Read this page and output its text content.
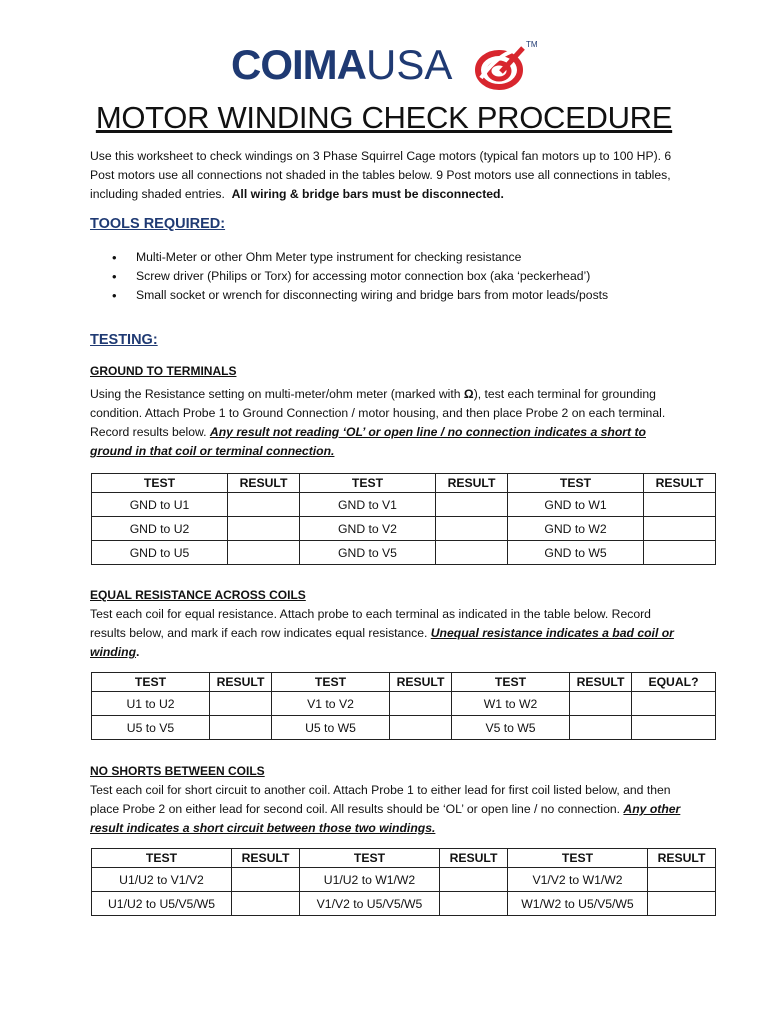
COIMAUSA	TM
MOTOR WINDING CHECK PROCEDURE
Use this worksheet to check windings on 3 Phase Squirrel Cage motors (typical fan motors up to 100 HP). 6 Post motors use all connections not shaded in the tables below. 9 Post motors use all connections in tables, including shaded entries. All wiring & bridge bars must be disconnected.
TOOLS REQUIRED:
• Multi-Meter or other Ohm Meter type instrument for checking resistance
• Screw driver (Philips or Torx) for accessing motor connection box (aka ‘peckerhead’)
• Small socket or wrench for disconnecting wiring and bridge bars from motor leads/posts
TESTING:
GROUND TO TERMINALS
Using the Resistance setting on multi-meter/ohm meter (marked with Ω), test each terminal for grounding condition. Attach Probe 1 to Ground Connection / motor housing, and then place Probe 2 on each terminal. Record results below. Any result not reading ‘OL’ or open line / no connection indicates a short to ground in that coil or terminal connection.
TEST	RESULT	TEST	RESULT	TEST	RESULT
GND to U1		GND to V1		GND to W1	
GND to U2		GND to V2		GND to W2	
GND to U5		GND to V5		GND to W5	
EQUAL RESISTANCE ACROSS COILS
Test each coil for equal resistance. Attach probe to each terminal as indicated in the table below. Record results below, and mark if each row indicates equal resistance. Unequal resistance indicates a bad coil or winding.
TEST	RESULT	TEST	RESULT	TEST	RESULT	EQUAL?
U1 to U2		V1 to V2		W1 to W2		
U5 to V5		U5 to W5		V5 to W5		
NO SHORTS BETWEEN COILS
Test each coil for short circuit to another coil. Attach Probe 1 to either lead for first coil listed below, and then place Probe 2 on either lead for second coil. All results should be ‘OL’ or open line / no connection. Any other result indicates a short circuit between those two windings.
TEST	RESULT	TEST	RESULT	TEST	RESULT
U1/U2 to V1/V2		U1/U2 to W1/W2		V1/V2 to W1/W2	
U1/U2 to U5/V5/W5		V1/V2 to U5/V5/W5		W1/W2 to U5/V5/W5	
